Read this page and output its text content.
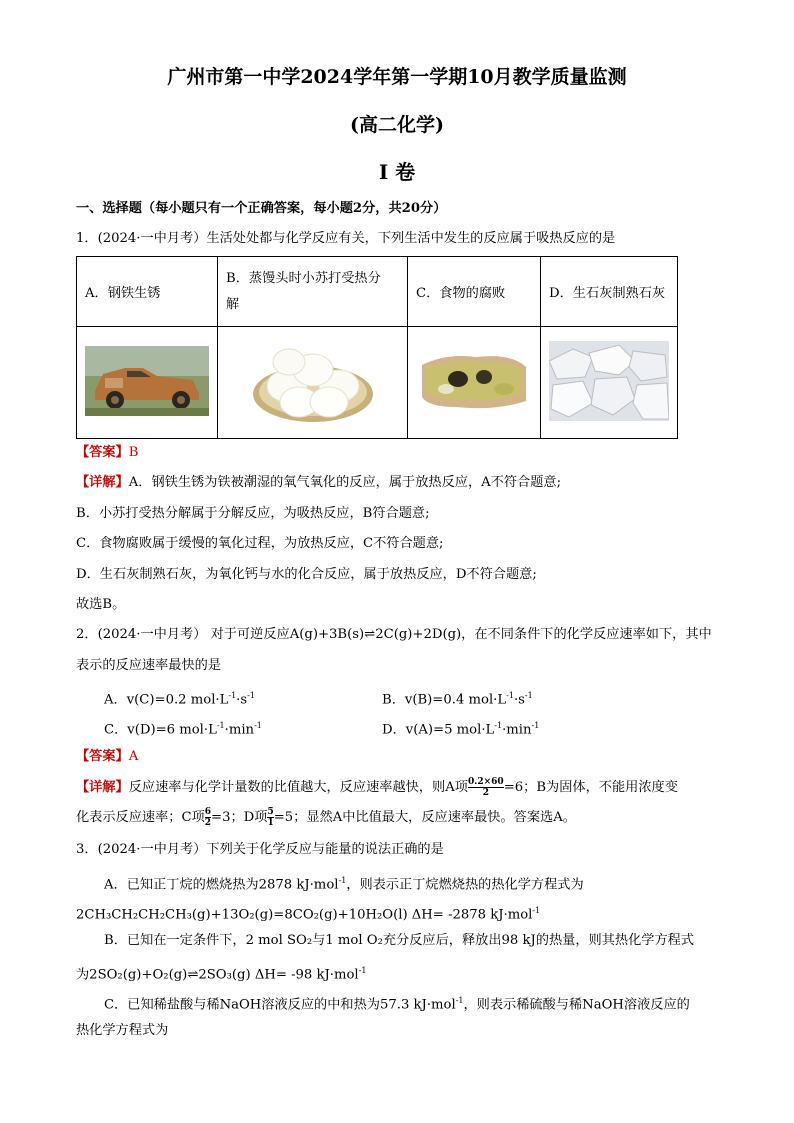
广州市第一中学2024学年第一学期10月教学质量监测
(高二化学)
I 卷
一、选择题（每小题只有一个正确答案，每小题2分，共20分）
1．(2024·一中月考）生活处处都与化学反应有关，下列生活中发生的反应属于吸热反应的是
A．钢铁生锈	B．蒸馒头时小苏打受热分
解	C．食物的腐败	D．生石灰制熟石灰

【答案】B
【详解】A．钢铁生锈为铁被潮湿的氧气氧化的反应，属于放热反应，A不符合题意;
B．小苏打受热分解属于分解反应，为吸热反应，B符合题意;
C．食物腐败属于缓慢的氧化过程，为放热反应，C不符合题意;
D．生石灰制熟石灰，为氧化钙与水的化合反应，属于放热反应，D不符合题意;
故选B。
2．(2024·一中月考） 对于可逆反应A(g)+3B(s)⇌2C(g)+2D(g)，在不同条件下的化学反应速率如下，其中
表示的反应速率最快的是
A．v(C)=0.2 $mol\cdot L^{-1}\cdot s^{-1}$	B．v(B)=0.4 $mol\cdot L^{-1}\cdot s^{-1}$
C．v(D)=6 $mol\cdot L^{-1}\cdot\min^{-1}$	D．v(A)=5 $mol\cdot L^{-1}\cdot\min^{-1}$
【答案】A
【详解】反应速率与化学计量数的比值越大，反应速率越快，则A项 $\frac{0.2\times 60}{2} =6$；B为固体，不能用浓度变
化表示反应速率；C项 $\frac{6}{2} =3$；D项 $\frac{5}{1} =5$；显然A中比值最大，反应速率最快。答案选A。
3．(2024·一中月考）下列关于化学反应与能量的说法正确的是
A．已知正丁烷的燃烧热为2878 kJ·mol$^{-1}$，则表示正丁烷燃烧热的热化学方程式为
2CH₃CH₂CH₂CH₃(g)+13O₂(g)=8CO₂(g)+10H₂O(l) ΔH= -2878 kJ·mol$^{-1}$
B．已知在一定条件下，2 mol SO₂与1 mol O₂充分反应后，释放出98 kJ的热量，则其热化学方程式
为2SO₂(g)+O₂(g)⇌2SO₃(g) ΔH= -98 kJ·mol$^{-1}$
C．已知稀盐酸与稀NaOH溶液反应的中和热为57.3 kJ·mol$^{-1}$，则表示稀硫酸与稀NaOH溶液反应的
热化学方程式为
